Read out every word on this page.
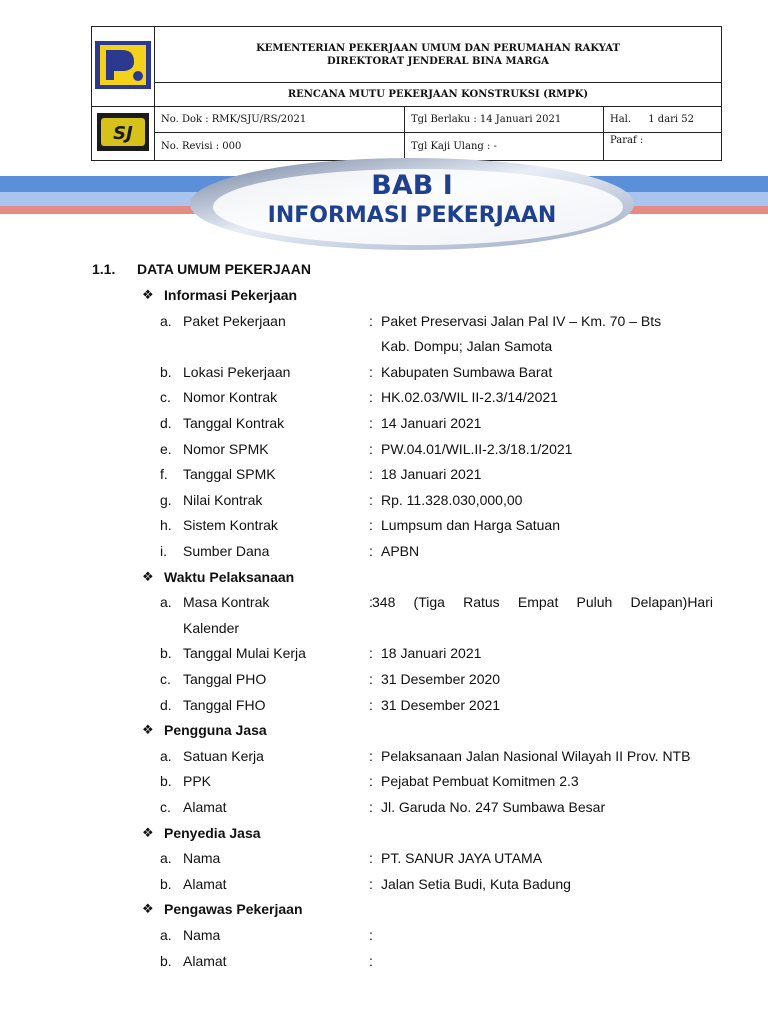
KEMENTERIAN PEKERJAAN UMUM DAN PERUMAHAN RAKYAT
DIREKTORAT JENDERAL BINA MARGA		

	RENCANA MUTU PEKERJAAN KONSTRUKSI (RMPK)		

SJ	No. Dok : RMK/SJU/RS/2021	Tgl Berlaku : 14 Januari 2021	Hal. 1 dari 52
	No. Revisi : 000	Tgl Kaji Ulang : -	Paraf :
BAB I
INFORMASI PEKERJAAN
1.1. DATA UMUM PEKERJAAN
❖ Informasi Pekerjaan
a. Paket Pekerjaan	: Paket Preservasi Jalan Pal IV – Km. 70 – Bts
Kab. Dompu; Jalan Samota
b. Lokasi Pekerjaan	: Kabupaten Sumbawa Barat
c. Nomor Kontrak	: HK.02.03/WIL II-2.3/14/2021
d. Tanggal Kontrak	: 14 Januari 2021
e. Nomor SPMK	: PW.04.01/WIL.II-2.3/18.1/2021
f. Tanggal SPMK	: 18 Januari 2021
g. Nilai Kontrak	: Rp. 11.328.030,000,00
h. Sistem Kontrak	: Lumpsum dan Harga Satuan
i. Sumber Dana	: APBN
❖ Waktu Pelaksanaan
a. Masa Kontrak	: 348 (Tiga Ratus Empat Puluh Delapan)Hari
Kalender
b. Tanggal Mulai Kerja	: 18 Januari 2021
c. Tanggal PHO	: 31 Desember 2020
d. Tanggal FHO	: 31 Desember 2021
❖ Pengguna Jasa
a. Satuan Kerja	: Pelaksanaan Jalan Nasional Wilayah II Prov. NTB
b. PPK	: Pejabat Pembuat Komitmen 2.3
c. Alamat	: Jl. Garuda No. 247 Sumbawa Besar
❖ Penyedia Jasa
a. Nama	: PT. SANUR JAYA UTAMA
b. Alamat	: Jalan Setia Budi, Kuta Badung
❖ Pengawas Pekerjaan
a. Nama	:
b. Alamat	:
